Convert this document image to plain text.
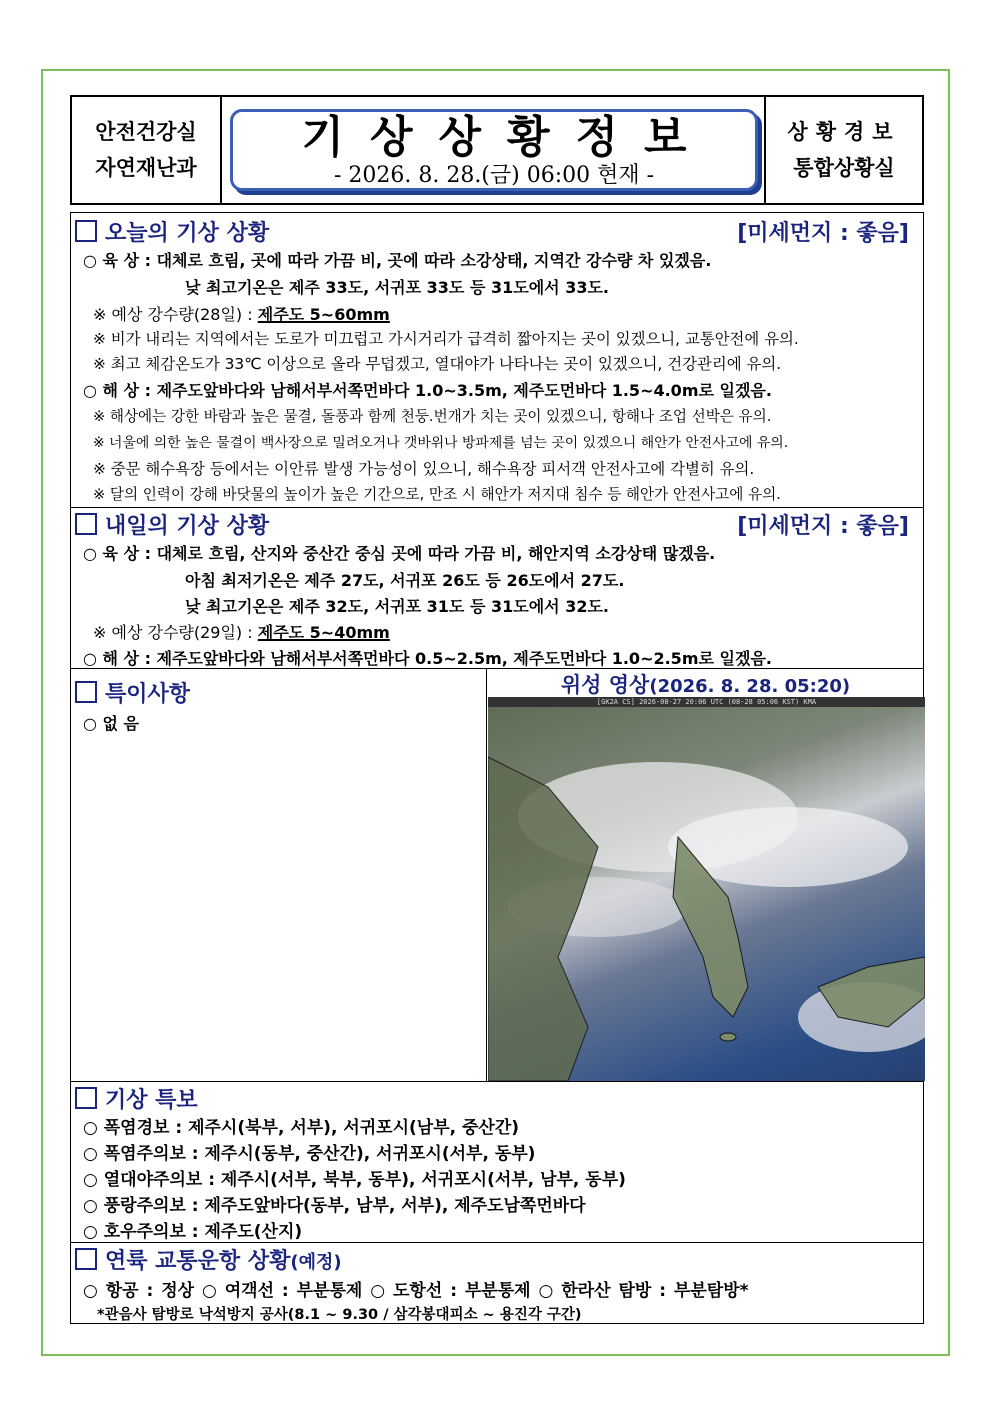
안전건강실
자연재난과
기상상황정보
- 2026. 8. 28.(금) 06:00 현재 -
상황경보
통합상황실
오늘의 기상 상황	[미세먼지 : 좋음]
○ 육 상 : 대체로 흐림, 곳에 따라 가끔 비, 곳에 따라 소강상태, 지역간 강수량 차 있겠음.
낮 최고기온은 제주 33도, 서귀포 33도 등 31도에서 33도.
※ 예상 강수량(28일) : 제주도 5~60mm
※ 비가 내리는 지역에서는 도로가 미끄럽고 가시거리가 급격히 짧아지는 곳이 있겠으니, 교통안전에 유의.
※ 최고 체감온도가 33℃ 이상으로 올라 무덥겠고, 열대야가 나타나는 곳이 있겠으니, 건강관리에 유의.
○ 해 상 : 제주도앞바다와 남해서부서쪽먼바다 1.0~3.5m, 제주도먼바다 1.5~4.0m로 일겠음.
※ 해상에는 강한 바람과 높은 물결, 돌풍과 함께 천둥.번개가 치는 곳이 있겠으니, 항해나 조업 선박은 유의.
※ 너울에 의한 높은 물결이 백사장으로 밀려오거나 갯바위나 방파제를 넘는 곳이 있겠으니 해안가 안전사고에 유의.
※ 중문 해수욕장 등에서는 이안류 발생 가능성이 있으니, 해수욕장 피서객 안전사고에 각별히 유의.
※ 달의 인력이 강해 바닷물의 높이가 높은 기간으로, 만조 시 해안가 저지대 침수 등 해안가 안전사고에 유의.
내일의 기상 상황	[미세먼지 : 좋음]
○ 육 상 : 대체로 흐림, 산지와 중산간 중심 곳에 따라 가끔 비, 해안지역 소강상태 많겠음.
아침 최저기온은 제주 27도, 서귀포 26도 등 26도에서 27도.
낮 최고기온은 제주 32도, 서귀포 31도 등 31도에서 32도.
※ 예상 강수량(29일) : 제주도 5~40mm
○ 해 상 : 제주도앞바다와 남해서부서쪽먼바다 0.5~2.5m, 제주도먼바다 1.0~2.5m로 일겠음.
특이사항
○ 없 음
위성 영상(2026. 8. 28. 05:20)
[GK2A CS] 2026-08-27 20:06 UTC (08-28 05:06 KST) KMA
기상 특보
○ 폭염경보 : 제주시(북부, 서부), 서귀포시(남부, 중산간)
○ 폭염주의보 : 제주시(동부, 중산간), 서귀포시(서부, 동부)
○ 열대야주의보 : 제주시(서부, 북부, 동부), 서귀포시(서부, 남부, 동부)
○ 풍랑주의보 : 제주도앞바다(동부, 남부, 서부), 제주도남쪽먼바다
○ 호우주의보 : 제주도(산지)
연륙 교통운항 상황(예정)
○ 항공 : 정상 ○ 여객선 : 부분통제 ○ 도항선 : 부분통제 ○ 한라산 탐방 : 부분탐방*
*관음사 탐방로 낙석방지 공사(8.1 ~ 9.30 / 삼각봉대피소 ~ 용진각 구간)
